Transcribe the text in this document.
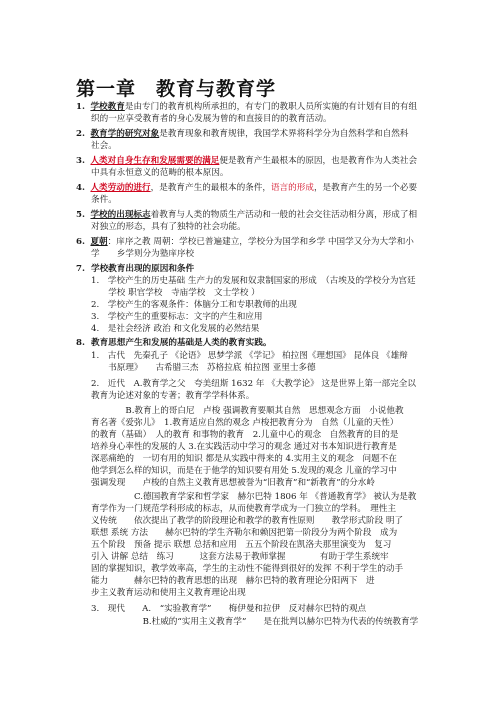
第一章　教育与教育学
1. 学校教育是由专门的教育机构所承担的，有专门的教职人员所实施的有计划有目的有组
织的一应享受教育者的身心发展为曾的和直接目的的教育活动。
2. 教育学的研究对象是教育现象和教育规律，我国学术界将科学分为自然科学和自然科
社会。
3. 人类对自身生存和发展需要的满足便是教育产生最根本的原因，也是教育作为人类社会
中具有永恒意义的范畴的根本原因。
4. 人类劳动的进行，是教育产生的最根本的条件，语言的形成，是教育产生的另一个必要
条件。
5. 学校的出现标志着教育与人类的物质生产活动和一般的社会交往活动相分离，形成了相
对独立的形态，具有了独特的社会功能。
6. 夏朝：庠序之教 周朝：学校已普遍建立，学校分为国学和乡学 中国学又分为大学和小
学　　乡学则分为塾庠序校
7. 学校教育出现的原因和条件
1.　学校产生的历史基础 生产力的发展和奴隶制国家的形成　（古埃及的学校分为宫廷
　　学校 职官学校　寺庙学校　文士学校 ）
2.　学校产生的客观条件：体脑分工和专职教师的出现
3.　学校产生的重要标志：文字的产生和应用
4.　是社会经济 政治 和文化发展的必然结果
8. 教育思想产生和发展的基础是人类的教育实践。
1.　古代　先秦孔子 《论语》 思梦学派 《学记》 柏拉图《理想国》 昆体良 《雄辩
　　书原理》　　古希腊三杰　苏格拉底 柏拉图 亚里士多德
2.　近代　A.教育学之父　夸美纽斯 1632 年 《大教学论》 这是世界上第一部完全以
教育为论述对象的专著；教育学学科体系。
　　　　B.教育上的哥白尼　卢梭 强调教育要顺其自然　思想观念方面　小说他教
育名著《爱弥儿》　1.教育适应自然的观念 卢梭把教育分为　自然（儿童的天性）
的教育（基础）　人的教育 和事物的教育　2.儿童中心的观念　自然教育的目的是
培养身心率性的发展的人 3.在实践活动中学习的观念 通过对书本知识进行教育是
深恶痛绝的　一切有用的知识 都是从实践中得来的 4.实用主义的观念　问题不在
他学到怎么样的知识，而是在于他学的知识要有用处 5.发现的观念 儿童的学习中
强调发现　　卢梭的自然主义教育思想被誉为“旧教育”和“新教育”的分水岭
　　　　　C.德国教育学家和哲学家　赫尔巴特 1806 年 《普通教育学》 被认为是教
育学作为一门规范学科形成的标志，从而使教育学成为一门独立的学科。　理性主
义传统　　依次提出了教学的阶段理论和教学的教育性原则　　教学形式阶段 明了
联想 系统 方法　　赫尔巴特的学生齐勒尔和赖因把第一阶段分为两个阶段　成为
五个阶段　预备 提示 联想 总括和应用　五五个阶段在凯洛夫那里演变为　复习
引入 讲解 总结　练习　　　这套方法易于教师掌握　　　　有助于学生系统牢
固的掌握知识，教学效率高，学生的主动性不能得到很好的发挥 不利于学生的动手
能力　　　赫尔巴特的教育思想的出现　赫尔巴特的教育理论分阳两下　进
步主义教育运动和使用主义教育理论出现
3.　现代　　A.　“实验教育学”　　梅伊曼和拉伊　反对赫尔巴特的观点
　　　　　　B.杜威的“实用主义教育学”　　是在批判以赫尔巴特为代表的传统教育学
